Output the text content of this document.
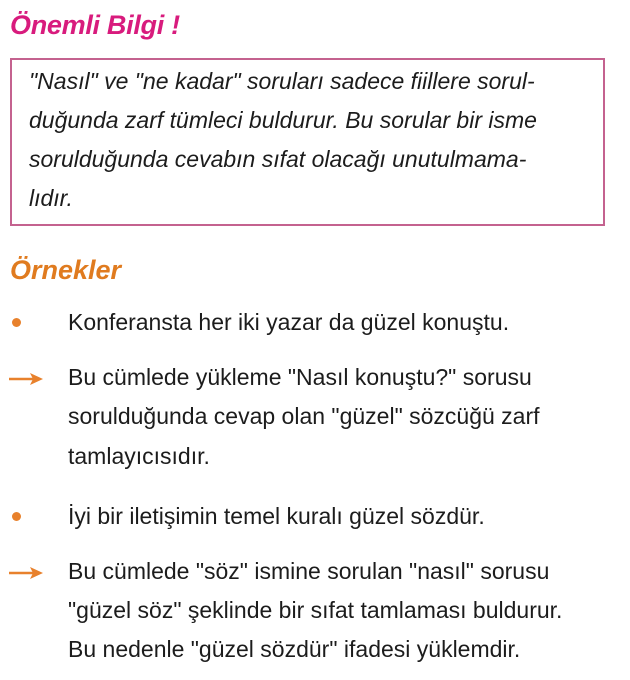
Önemli Bilgi !
"Nasıl" ve "ne kadar" soruları sadece fiillere sorul-
duğunda zarf tümleci buldurur. Bu sorular bir isme
sorulduğunda cevabın sıfat olacağı unutulmama-
lıdır.
Örnekler
Konferansta her iki yazar da güzel konuştu.
Bu cümlede yükleme "Nasıl konuştu?" sorusu
sorulduğunda cevap olan "güzel" sözcüğü zarf
tamlayıcısıdır.
İyi bir iletişimin temel kuralı güzel sözdür.
Bu cümlede "söz" ismine sorulan "nasıl" sorusu
"güzel söz" şeklinde bir sıfat tamlaması buldurur.
Bu nedenle "güzel sözdür" ifadesi yüklemdir.
